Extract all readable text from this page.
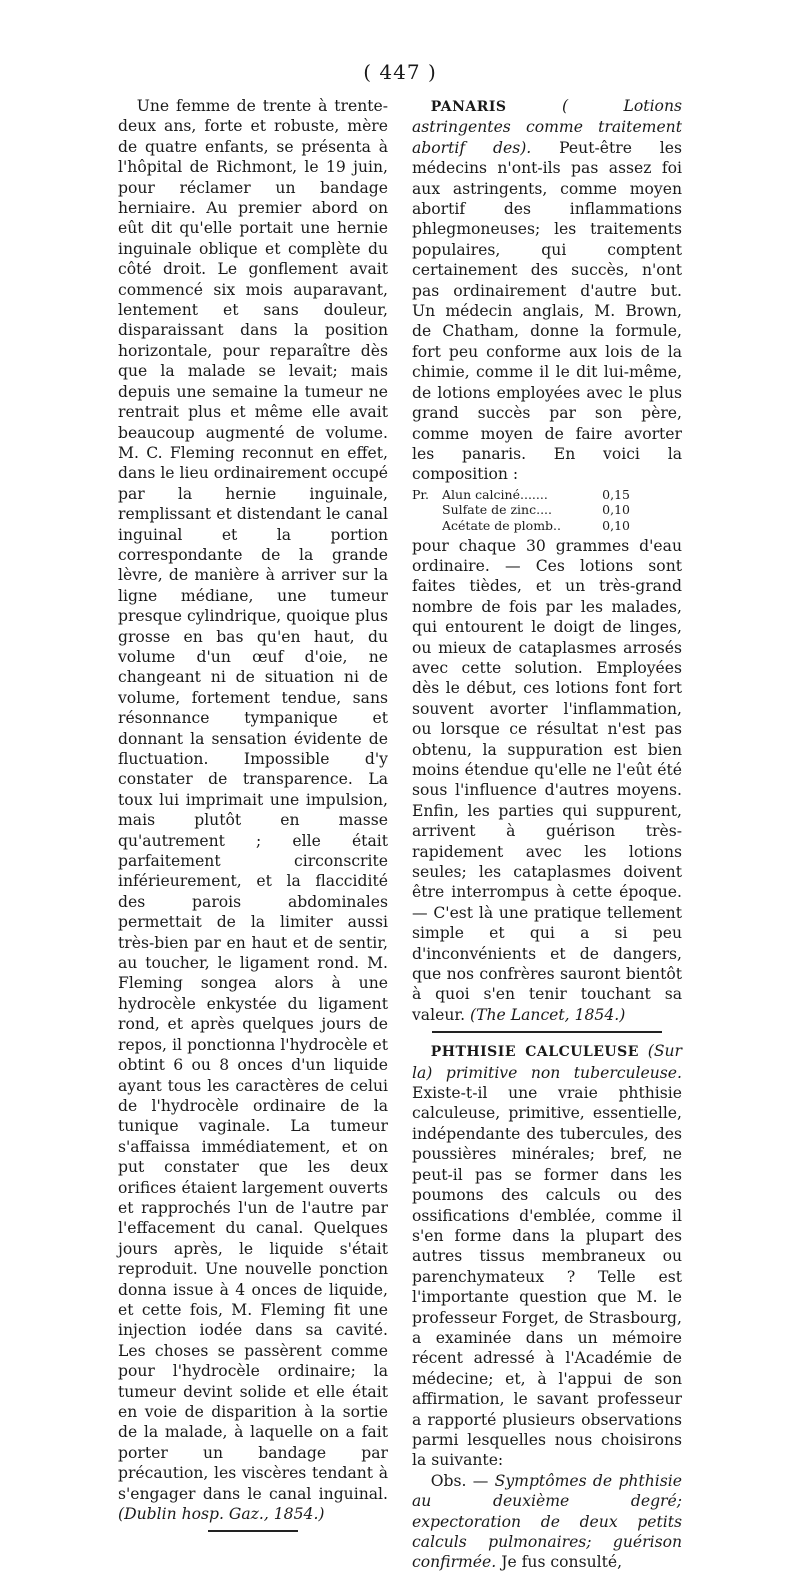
( 447 )

Une femme de trente à trente-deux ans, forte et robuste, mère de quatre enfants, se présenta à l'hôpital de Richmont, le 19 juin, pour réclamer un bandage herniaire. Au premier abord on eût dit qu'elle portait une hernie inguinale oblique et complète du côté droit. Le gonflement avait commencé six mois auparavant, lentement et sans douleur, disparaissant dans la position horizontale, pour reparaître dès que la malade se levait; mais depuis une semaine la tumeur ne rentrait plus et même elle avait beaucoup augmenté de volume. M. C. Fleming reconnut en effet, dans le lieu ordinairement occupé par la hernie inguinale, remplissant et distendant le canal inguinal et la portion correspondante de la grande lèvre, de manière à arriver sur la ligne médiane, une tumeur presque cylindrique, quoique plus grosse en bas qu'en haut, du volume d'un œuf d'oie, ne changeant ni de situation ni de volume, fortement tendue, sans résonnance tympanique et donnant la sensation évidente de fluctuation. Impossible d'y constater de transparence. La toux lui imprimait une impulsion, mais plutôt en masse qu'autrement ; elle était parfaitement circonscrite inférieurement, et la flaccidité des parois abdominales permettait de la limiter aussi très-bien par en haut et de sentir, au toucher, le ligament rond. M. Fleming songea alors à une hydrocèle enkystée du ligament rond, et après quelques jours de repos, il ponctionna l'hydrocèle et obtint 6 ou 8 onces d'un liquide ayant tous les caractères de celui de l'hydrocèle ordinaire de la tunique vaginale. La tumeur s'affaissa immédiatement, et on put constater que les deux orifices étaient largement ouverts et rapprochés l'un de l'autre par l'effacement du canal. Quelques jours après, le liquide s'était reproduit. Une nouvelle ponction donna issue à 4 onces de liquide, et cette fois, M. Fleming fit une injection iodée dans sa cavité. Les choses se passèrent comme pour l'hydrocèle ordinaire; la tumeur devint solide et elle était en voie de disparition à la sortie de la malade, à laquelle on a fait porter un bandage par précaution, les viscères tendant à s'engager dans le canal inguinal. (Dublin hosp. Gaz., 1854.)

PANARIS	( Lotions astringentes comme traitement abortif des). Peut-être les médecins n'ont-ils pas assez foi aux astringents, comme moyen abortif des inflammations phlegmoneuses; les traitements populaires, qui comptent certainement des succès, n'ont pas ordinairement d'autre but. Un médecin anglais, M. Brown, de Chatham, donne la formule, fort peu conforme aux lois de la chimie, comme il le dit lui-même, de lotions employées avec le plus grand succès par son père, comme moyen de faire avorter les panaris. En voici la composition :

Pr.	Alun calciné.......	0,15
Sulfate de zinc....	0,10
Acétate de plomb..	0,10

pour chaque 30 grammes d'eau ordinaire. — Ces lotions sont faites tièdes, et un très-grand nombre de fois par les malades, qui entourent le doigt de linges, ou mieux de cataplasmes arrosés avec cette solution. Employées dès le début, ces lotions font fort souvent avorter l'inflammation, ou lorsque ce résultat n'est pas obtenu, la suppuration est bien moins étendue qu'elle ne l'eût été sous l'influence d'autres moyens. Enfin, les parties qui suppurent, arrivent à guérison très-rapidement avec les lotions seules; les cataplasmes doivent être interrompus à cette époque. — C'est là une pratique tellement simple et qui a si peu d'inconvénients et de dangers, que nos confrères sauront bientôt à quoi s'en tenir touchant sa valeur. (The Lancet, 1854.)

PHTHISIE CALCULEUSE (Sur la) primitive non tuberculeuse. Existe-t-il une vraie phthisie calculeuse, primitive, essentielle, indépendante des tubercules, des poussières minérales; bref, ne peut-il pas se former dans les poumons des calculs ou des ossifications d'emblée, comme il s'en forme dans la plupart des autres tissus membraneux ou parenchymateux ? Telle est l'importante question que M. le professeur Forget, de Strasbourg, a examinée dans un mémoire récent adressé à l'Académie de médecine; et, à l'appui de son affirmation, le savant professeur a rapporté plusieurs observations parmi lesquelles nous choisirons la suivante:

Obs. — Symptômes de phthisie au deuxième degré; expectoration de deux petits calculs pulmonaires; guérison confirmée. Je fus consulté,
